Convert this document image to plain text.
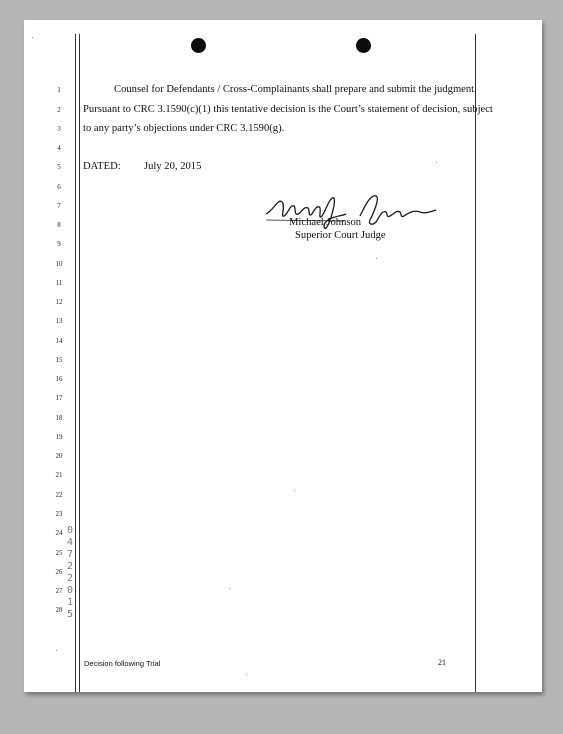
1
2
3
4
5
6
7
8
9
10
11
12
13
14
15
16
17
18
19
20
21
22
23
24
25
26
27
28
Counsel for Defendants / Cross-Complainants shall prepare and submit the judgment.
Pursuant to CRC 3.1590(c)(1) this tentative decision is the Court’s statement of decision, subject
to any party’s objections under CRC 3.1590(g).
DATED: July 20, 2015
Michael Johnson
Superior Court Judge
0
4
7
2
2
0
1
5
Decision following Trial	21
